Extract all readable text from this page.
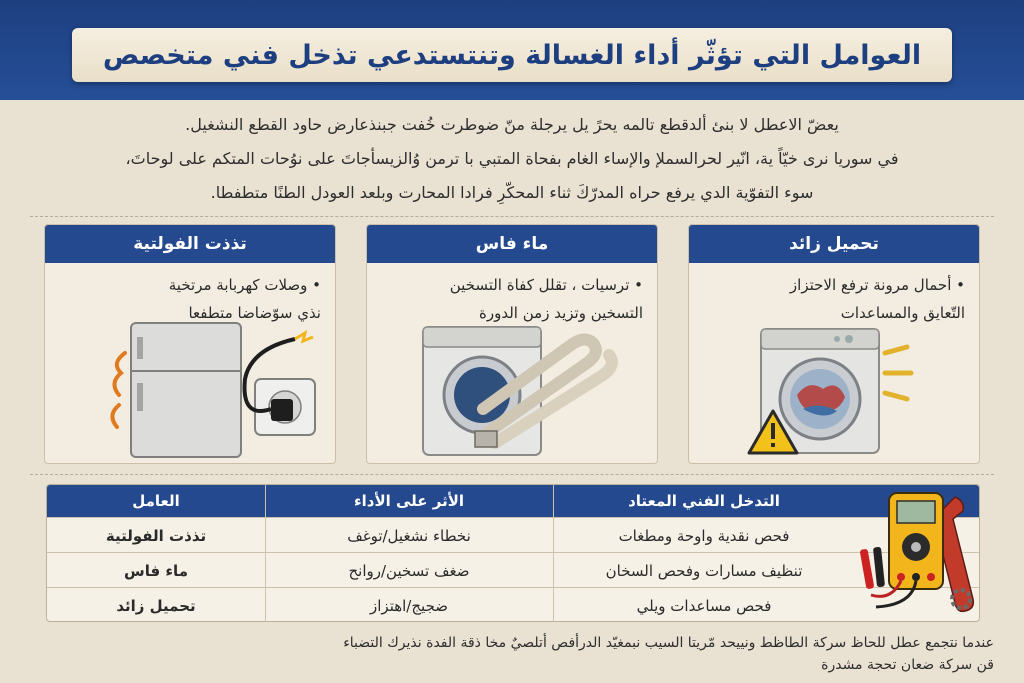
العوامل التي تؤثّر أداء الغسالة وتنتستدعي تذخل فني متخصص
يعضّ الاعطل لا بنئ ألدقطع تالمه يحرً يل يرجلة منّ ضوطرت خُفت جبنذعارض حاود القطع النشغيل.
في سوريا نرى خيّاً ية، انّير لحرالسملإ والإساء الغام بفحاة المتبي با ترمن وُالزيسأجاتَ على نوُحات المتكم على لوحاتَ،
سوء التفوّية الدي يرفع حراه المدرّكَ ثناء المحكّرِ فرادا المحارت وبلعد العودل الطنًا متطفطا.
تحميل زائد
• أحمال مرونة ترفع الاحتزاز
التّعايق والمساعدات
ماء فاس
• ترسيات ، تقلل كفاة التسخين
التسخين وتزيد زمن الدورة
تذذت الفولتية
• وصلات كهربابة مرتخية
نذي سوّضاضا متطفعا
العامل	الأثر على الأداء	التدخل الفني المعتاد
تذذت الفولتية	نخطاء نشغيل/توغف	فحص نقدية واوحة ومطغات
ماء فاس	ضغف تسخين/روانح	تنظيف مسارات وفحص السخان
تحميل زائد	ضجيج/اهتزاز	فحص مساعدات ويلي
عندما نتجمع عطل للحاظ سركة الطاظط ونييحد مّريتا السيب نبمغيّد الدرأفص أتلصيٌ مخا ذقة الفدة نذيرك التضباء
قن سركة ضعان تحجة مشدرة
